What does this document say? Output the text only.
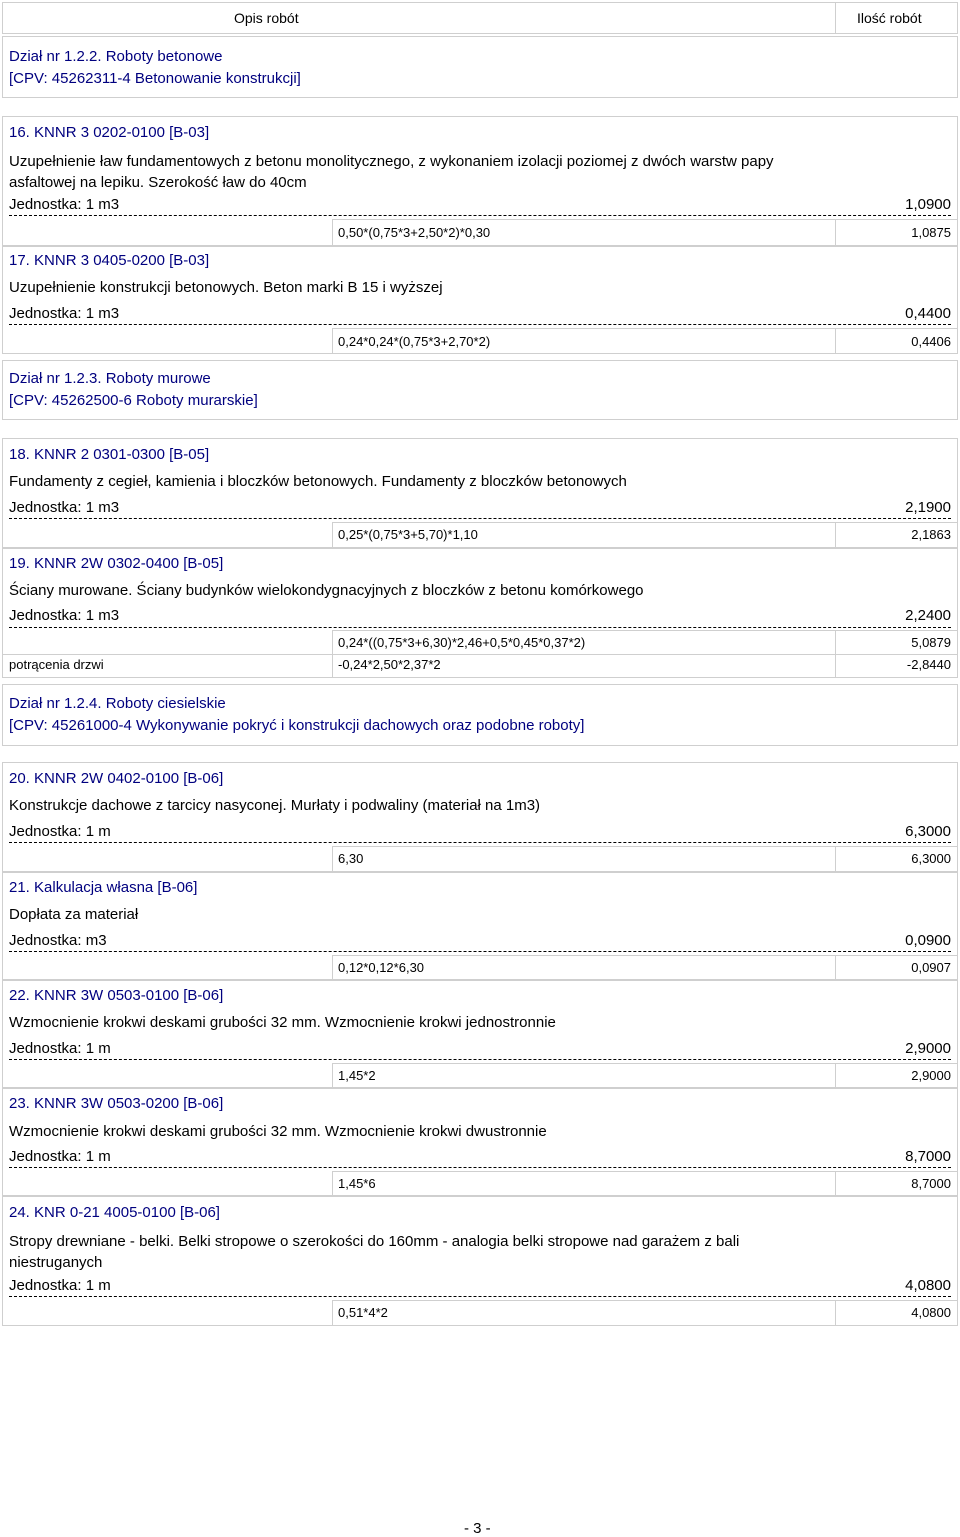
Opis robót	Ilość robót
Dział nr 1.2.2. Roboty betonowe
[CPV: 45262311-4 Betonowanie konstrukcji]
16. KNNR 3 0202-0100 [B-03]
Uzupełnienie ław fundamentowych z betonu monolitycznego, z wykonaniem izolacji poziomej z dwóch warstw papy asfaltowej na lepiku. Szerokość ław do 40cm
Jednostka: 1 m3	1,0900
0,50*(0,75*3+2,50*2)*0,30	1,0875
17. KNNR 3 0405-0200 [B-03]
Uzupełnienie konstrukcji betonowych. Beton marki B 15 i wyższej
Jednostka: 1 m3	0,4400
0,24*0,24*(0,75*3+2,70*2)	0,4406
Dział nr 1.2.3. Roboty murowe
[CPV: 45262500-6 Roboty murarskie]
18. KNNR 2 0301-0300 [B-05]
Fundamenty z cegieł, kamienia i bloczków betonowych. Fundamenty z bloczków betonowych
Jednostka: 1 m3	2,1900
0,25*(0,75*3+5,70)*1,10	2,1863
19. KNNR 2W 0302-0400 [B-05]
Ściany murowane. Ściany budynków wielokondygnacyjnych z bloczków z betonu komórkowego
Jednostka: 1 m3	2,2400
0,24*((0,75*3+6,30)*2,46+0,5*0,45*0,37*2)	5,0879
potrącenia drzwi	-0,24*2,50*2,37*2	-2,8440
Dział nr 1.2.4. Roboty ciesielskie
[CPV: 45261000-4 Wykonywanie pokryć i konstrukcji dachowych oraz podobne roboty]
20. KNNR 2W 0402-0100 [B-06]
Konstrukcje dachowe z tarcicy nasyconej. Murłaty i podwaliny (materiał na 1m3)
Jednostka: 1 m	6,3000
6,30	6,3000
21. Kalkulacja własna [B-06]
Dopłata za materiał
Jednostka: m3	0,0900
0,12*0,12*6,30	0,0907
22. KNNR 3W 0503-0100 [B-06]
Wzmocnienie krokwi deskami grubości 32 mm. Wzmocnienie krokwi jednostronnie
Jednostka: 1 m	2,9000
1,45*2	2,9000
23. KNNR 3W 0503-0200 [B-06]
Wzmocnienie krokwi deskami grubości 32 mm. Wzmocnienie krokwi dwustronnie
Jednostka: 1 m	8,7000
1,45*6	8,7000
24. KNR 0-21 4005-0100 [B-06]
Stropy drewniane - belki. Belki stropowe o szerokości do 160mm - analogia belki stropowe nad garażem z bali niestruganych
Jednostka: 1 m	4,0800
0,51*4*2	4,0800
- 3 -
